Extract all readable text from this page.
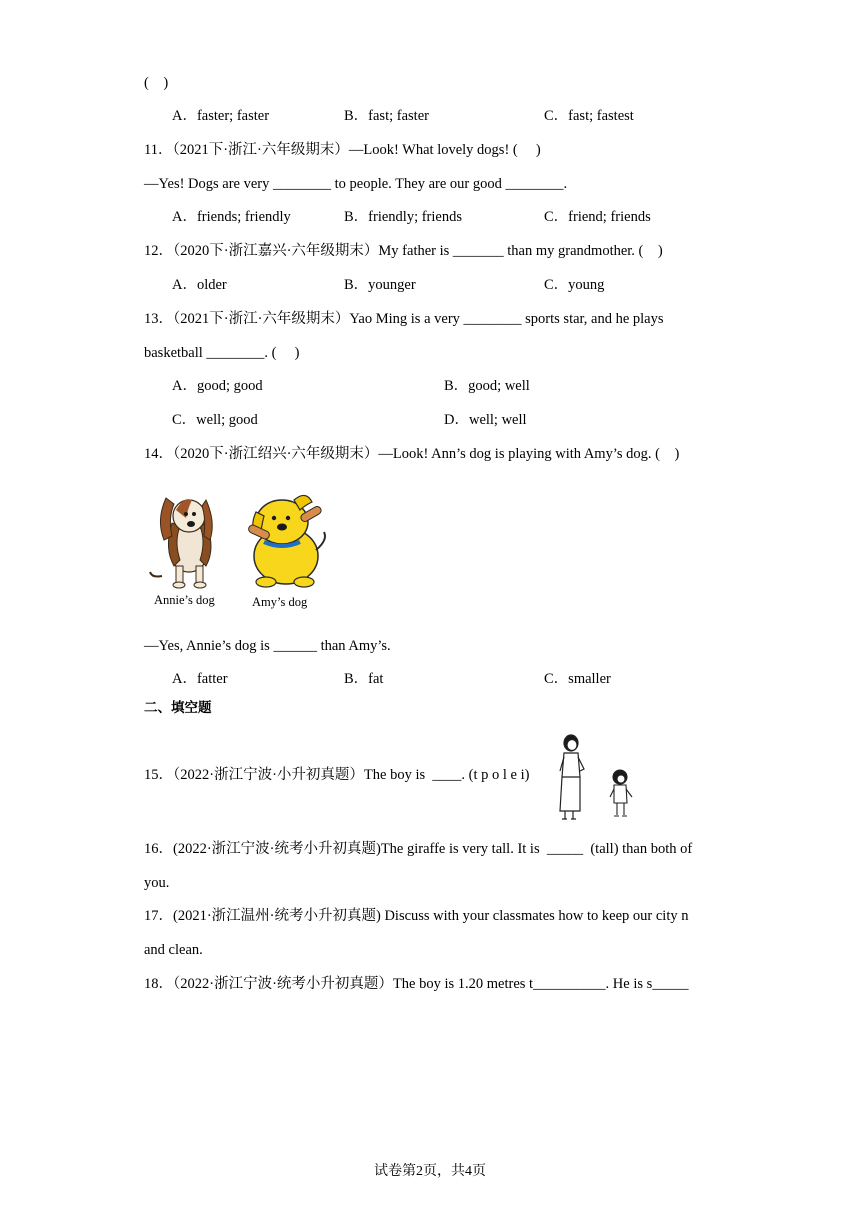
(    )
A．faster; faster	B．fast; faster	C．fast; fastest
11．（2021下·浙江·六年级期末）—Look! What lovely dogs! (     )
—Yes! Dogs are very ________ to people. They are our good ________.
A．friends; friendly	B．friendly; friends	C．friend; friends
12．（2020下·浙江嘉兴·六年级期末）My father is _______ than my grandmother. (    )
A．older	B．younger	C．young
13．（2021下·浙江·六年级期末）Yao Ming is a very ________ sports star, and he plays
basketball ________. (     )
A．good; good	B．good; well
C．well; good	D．well; well
14．（2020下·浙江绍兴·六年级期末）—Look! Ann’s dog is playing with Amy’s dog. (    )
Annie’s dog	Amy’s dog
—Yes, Annie’s dog is ______ than Amy’s.
A．fatter	B．fat	C．smaller
二、填空题
15．（2022·浙江宁波·小升初真题）The boy is  ____. (t p o l e i)
16．(2022·浙江宁波·统考小升初真题)The giraffe is very tall. It is  _____  (tall) than both of
you.
17．(2021·浙江温州·统考小升初真题) Discuss with your classmates how to keep our city n
and clean.
18．（2022·浙江宁波·统考小升初真题）The boy is 1.20 metres t__________. He is s_____
试卷第2页，共4页
